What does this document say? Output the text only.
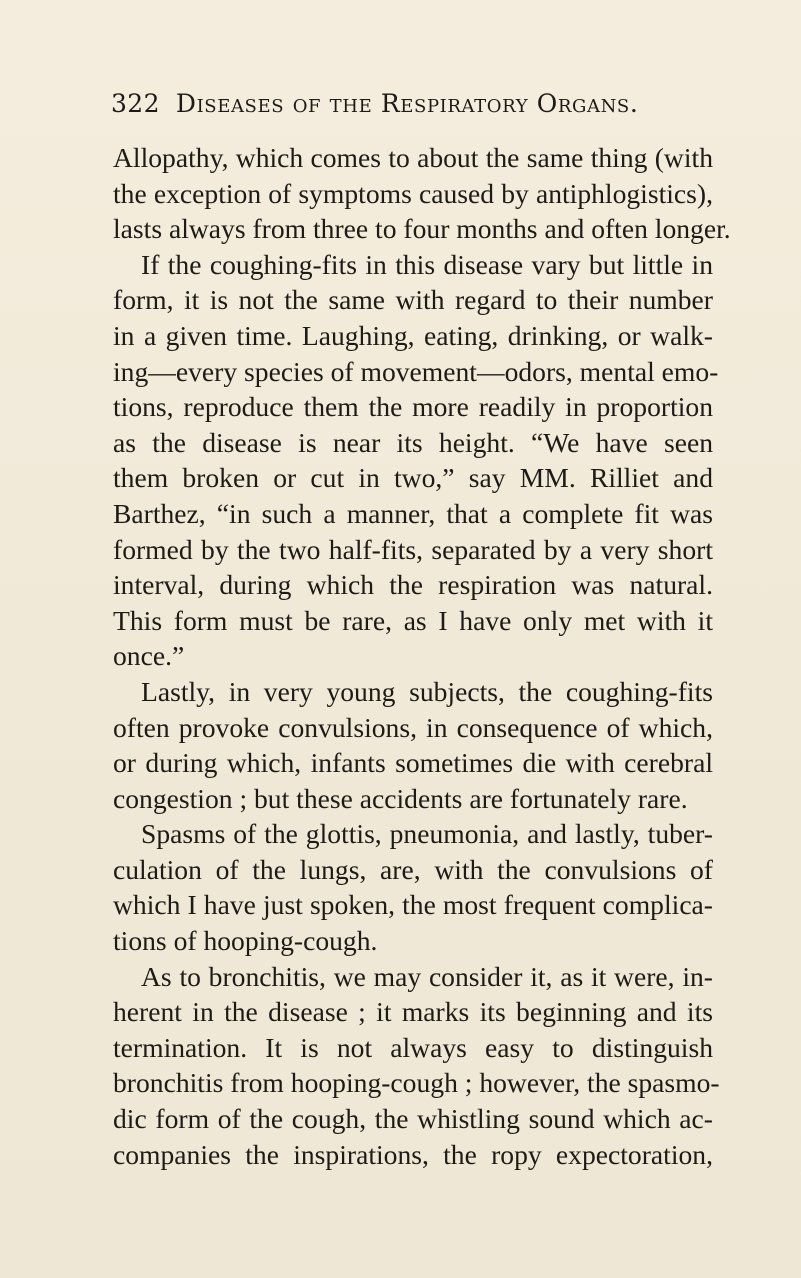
322 Diseases of the Respiratory Organs.
Allopathy, which comes to about the same thing (with
the exception of symptoms caused by antiphlogistics),
lasts always from three to four months and often longer.
If the coughing-fits in this disease vary but little in
form, it is not the same with regard to their number
in a given time. Laughing, eating, drinking, or walk-
ing—every species of movement—odors, mental emo-
tions, reproduce them the more readily in proportion
as the disease is near its height. “We have seen
them broken or cut in two,” say MM. Rilliet and
Barthez, “in such a manner, that a complete fit was
formed by the two half-fits, separated by a very short
interval, during which the respiration was natural.
This form must be rare, as I have only met with it
once.”
Lastly, in very young subjects, the coughing-fits
often provoke convulsions, in consequence of which,
or during which, infants sometimes die with cerebral
congestion ; but these accidents are fortunately rare.
Spasms of the glottis, pneumonia, and lastly, tuber-
culation of the lungs, are, with the convulsions of
which I have just spoken, the most frequent complica-
tions of hooping-cough.
As to bronchitis, we may consider it, as it were, in-
herent in the disease ; it marks its beginning and its
termination. It is not always easy to distinguish
bronchitis from hooping-cough ; however, the spasmo-
dic form of the cough, the whistling sound which ac-
companies the inspirations, the ropy expectoration,
